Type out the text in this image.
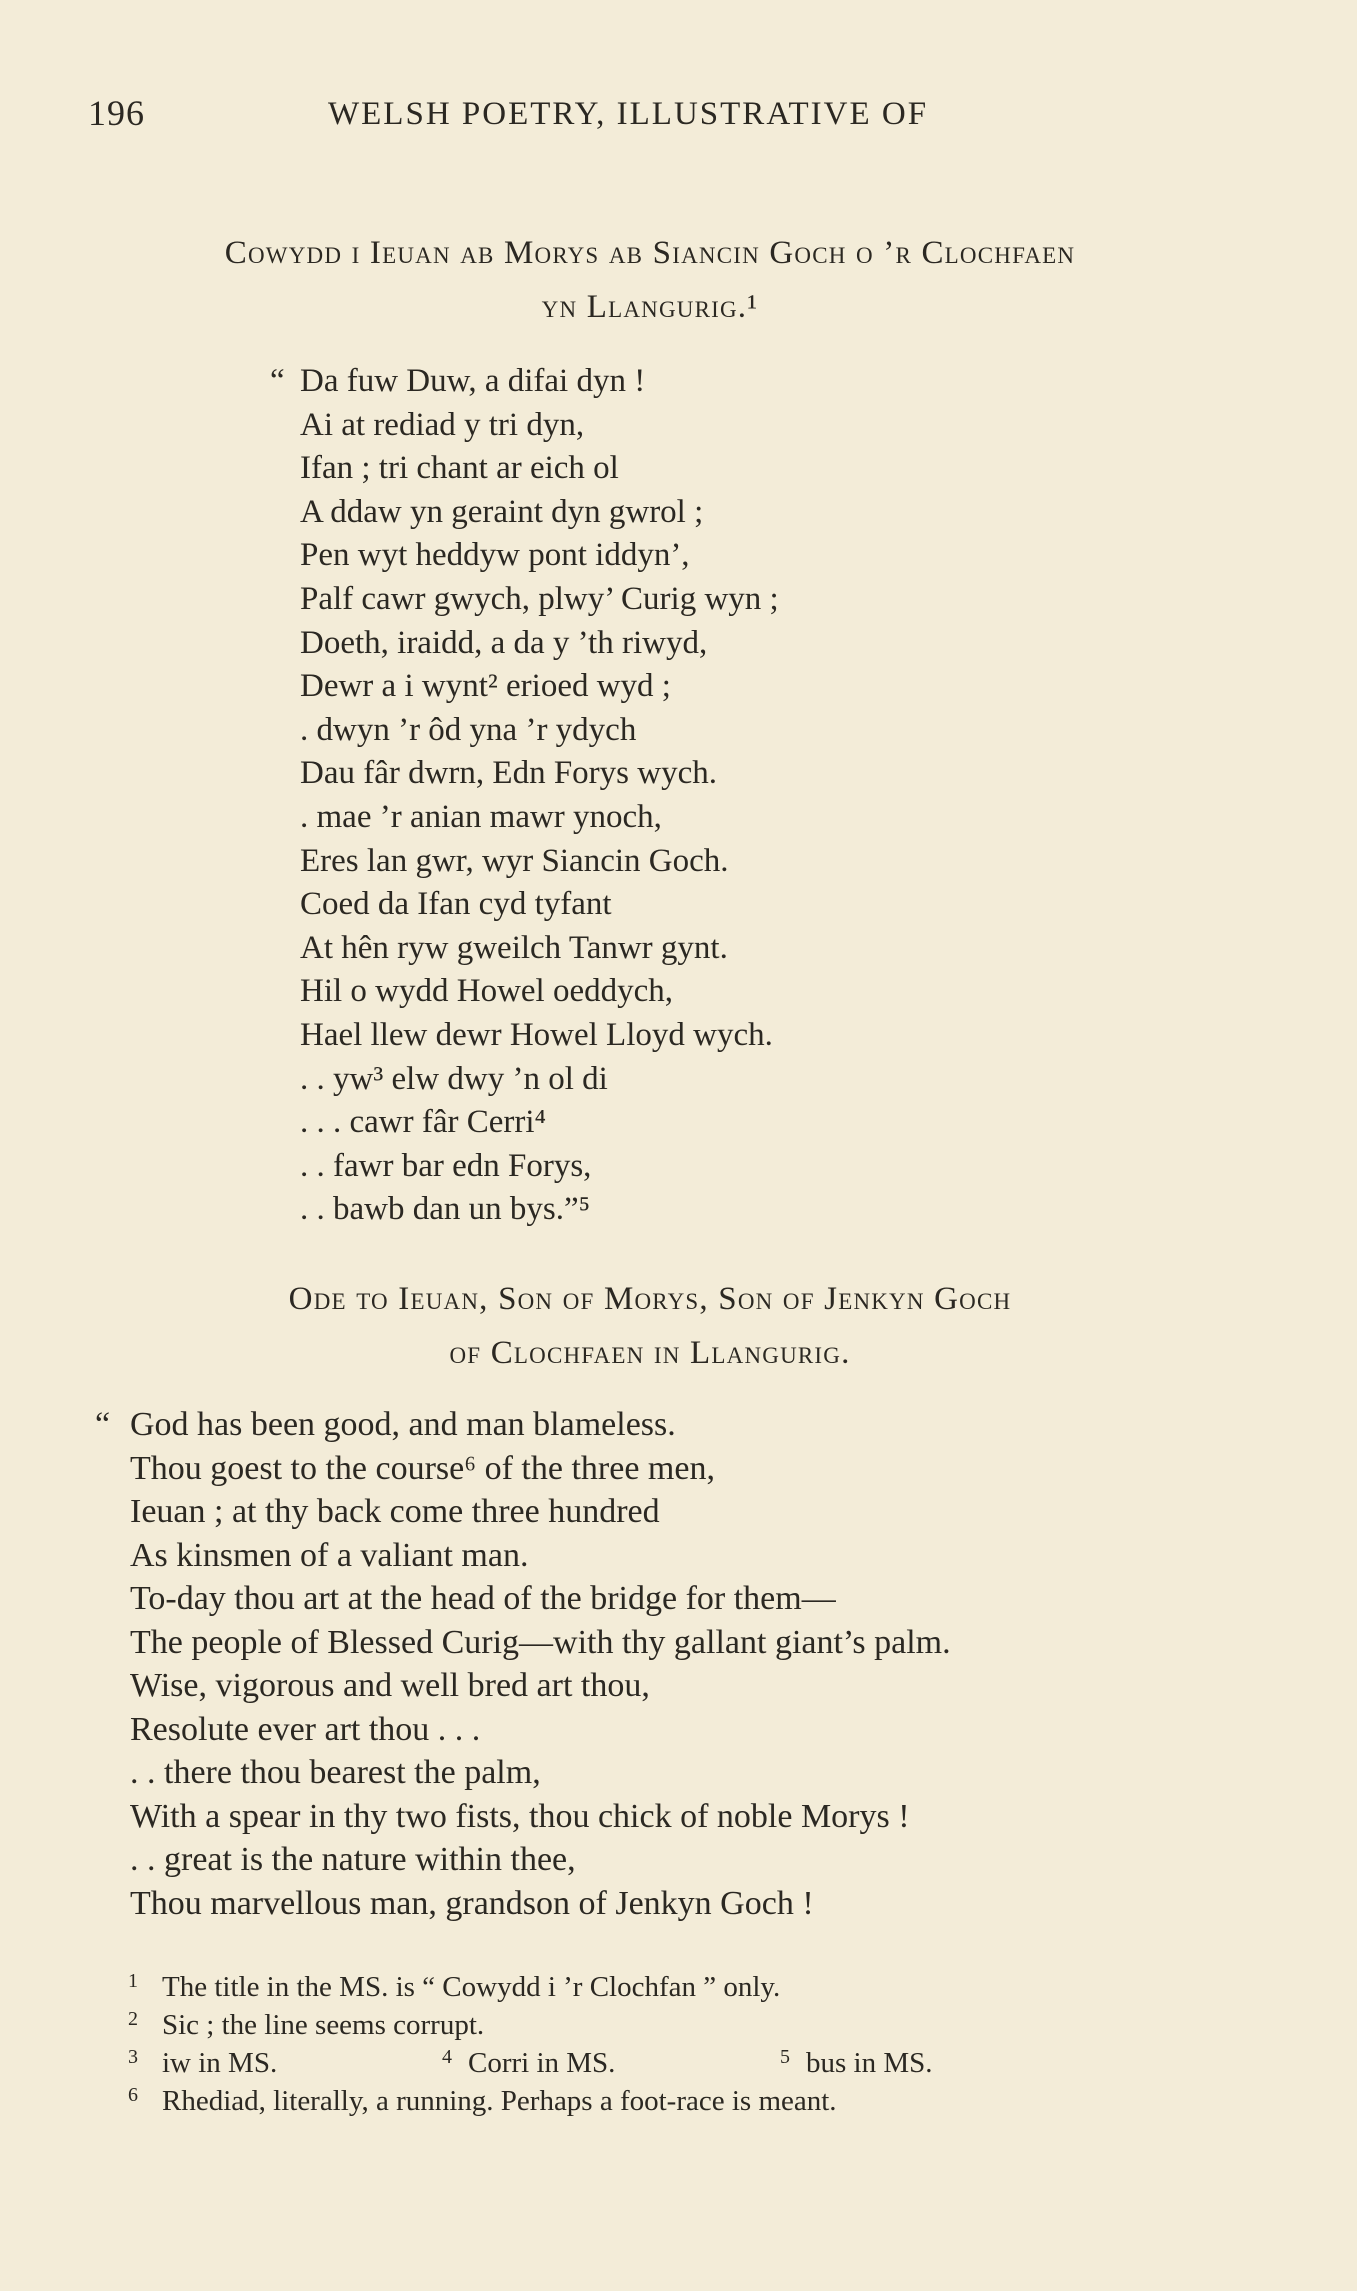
196	WELSH POETRY, ILLUSTRATIVE OF
Cowydd i Ieuan ab Morys ab Siancin Goch o ’r Clochfaen
yn Llangurig.¹
“ Da fuw Duw, a difai dyn !
Ai at rediad y tri dyn,
Ifan ; tri chant ar eich ol
A ddaw yn geraint dyn gwrol ;
Pen wyt heddyw pont iddyn’,
Palf cawr gwych, plwy’ Curig wyn ;
Doeth, iraidd, a da y ’th riwyd,
Dewr a i wynt² erioed wyd ;
. dwyn ’r ôd yna ’r ydych
Dau fâr dwrn, Edn Forys wych.
. mae ’r anian mawr ynoch,
Eres lan gwr, wyr Siancin Goch.
Coed da Ifan cyd tyfant
At hên ryw gweilch Tanwr gynt.
Hil o wydd Howel oeddych,
Hael llew dewr Howel Lloyd wych.
. . yw³ elw dwy ’n ol di
. . . cawr fâr Cerri⁴
. . fawr bar edn Forys,
. . bawb dan un bys.”⁵
Ode to Ieuan, Son of Morys, Son of Jenkyn Goch
of Clochfaen in Llangurig.
“ God has been good, and man blameless.
Thou goest to the course⁶ of the three men,
Ieuan ; at thy back come three hundred
As kinsmen of a valiant man.
To-day thou art at the head of the bridge for them—
The people of Blessed Curig—with thy gallant giant’s palm.
Wise, vigorous and well bred art thou,
Resolute ever art thou . . .
. . there thou bearest the palm,
With a spear in thy two fists, thou chick of noble Morys !
. . great is the nature within thee,
Thou marvellous man, grandson of Jenkyn Goch !
1 The title in the MS. is “ Cowydd i ’r Clochfan ” only.
2 Sic ; the line seems corrupt.
3 iw in MS.	4 Corri in MS.	5 bus in MS.
6 Rhediad, literally, a running. Perhaps a foot-race is meant.
